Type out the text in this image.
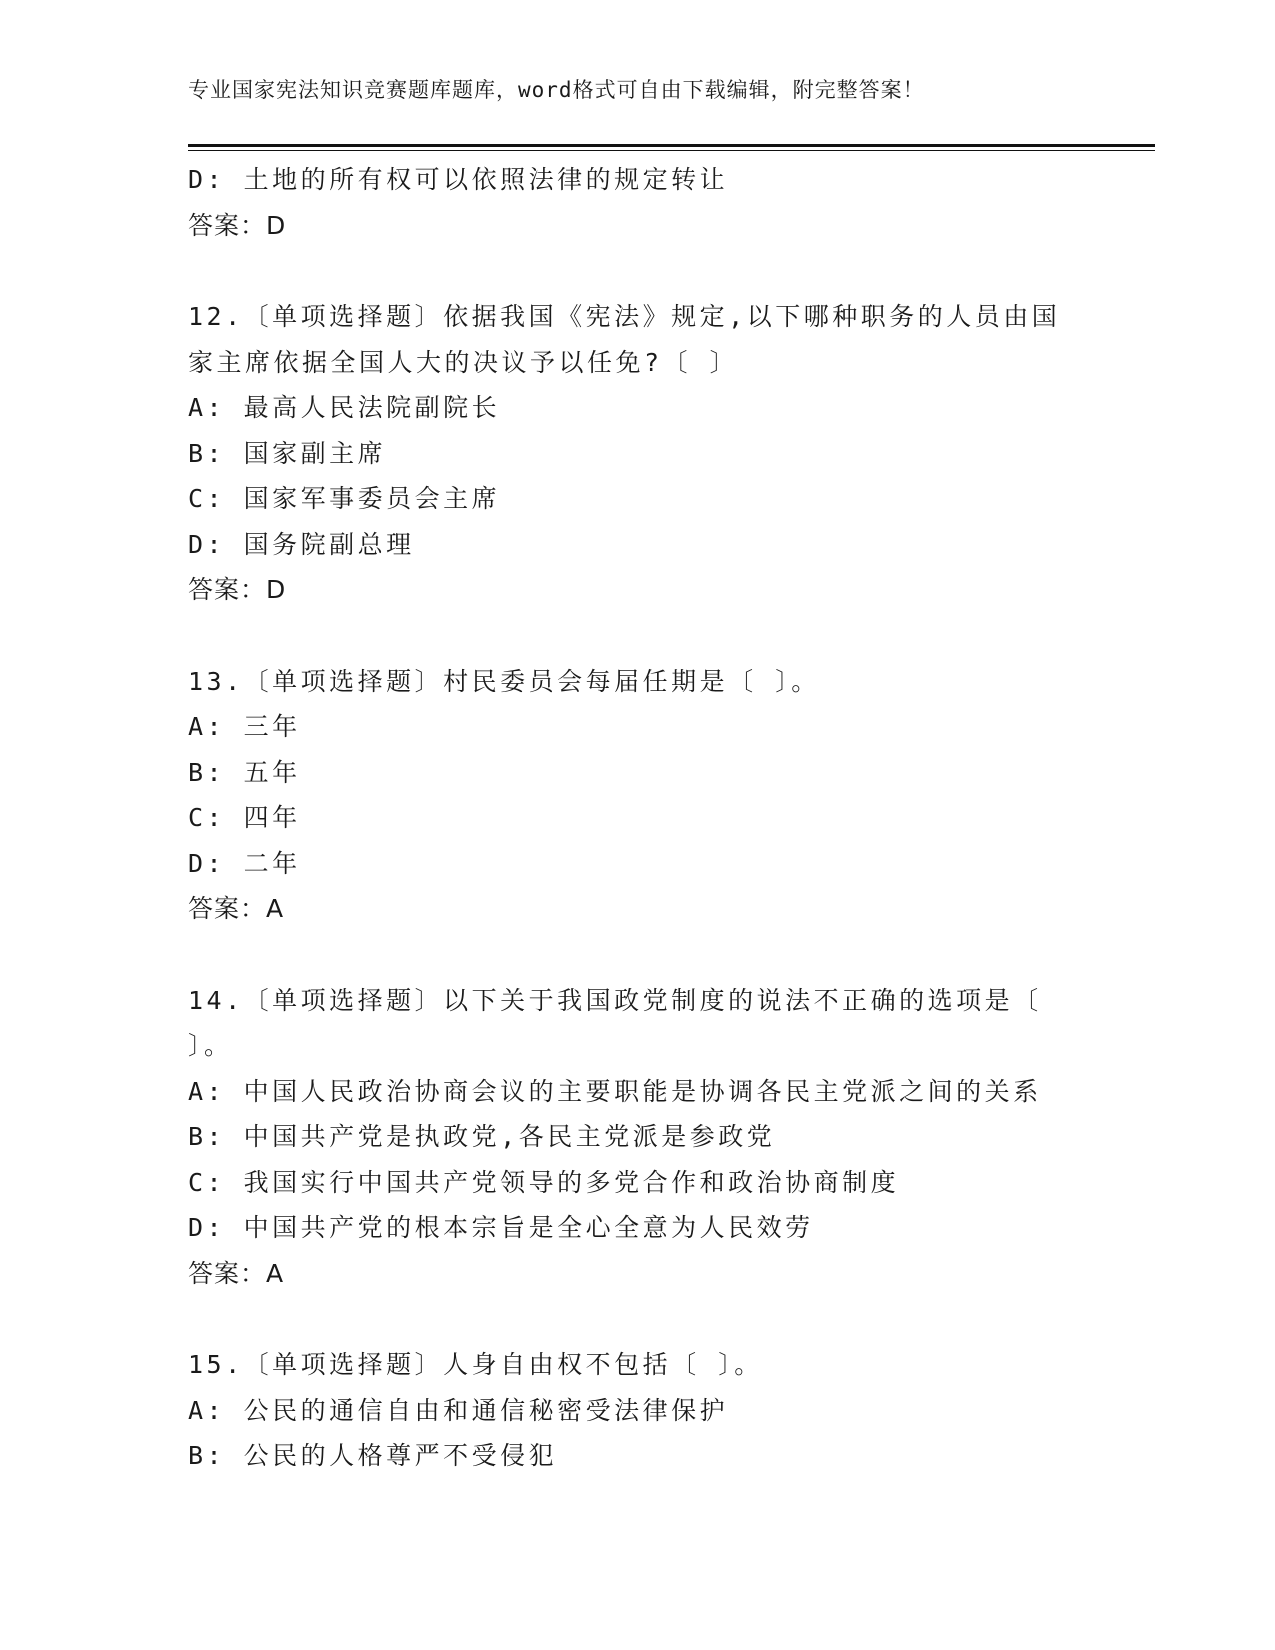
专业国家宪法知识竞赛题库题库，word格式可自由下载编辑，附完整答案！
D: 土地的所有权可以依照法律的规定转让
答案：D
12.〔单项选择题〕依据我国《宪法》规定,以下哪种职务的人员由国
家主席依据全国人大的决议予以任免?〔 〕
A: 最高人民法院副院长
B: 国家副主席
C: 国家军事委员会主席
D: 国务院副总理
答案：D
13.〔单项选择题〕村民委员会每届任期是〔 〕。
A: 三年
B: 五年
C: 四年
D: 二年
答案：A
14.〔单项选择题〕以下关于我国政党制度的说法不正确的选项是〔
〕。
A: 中国人民政治协商会议的主要职能是协调各民主党派之间的关系
B: 中国共产党是执政党,各民主党派是参政党
C: 我国实行中国共产党领导的多党合作和政治协商制度
D: 中国共产党的根本宗旨是全心全意为人民效劳
答案：A
15.〔单项选择题〕人身自由权不包括〔 〕。
A: 公民的通信自由和通信秘密受法律保护
B: 公民的人格尊严不受侵犯
